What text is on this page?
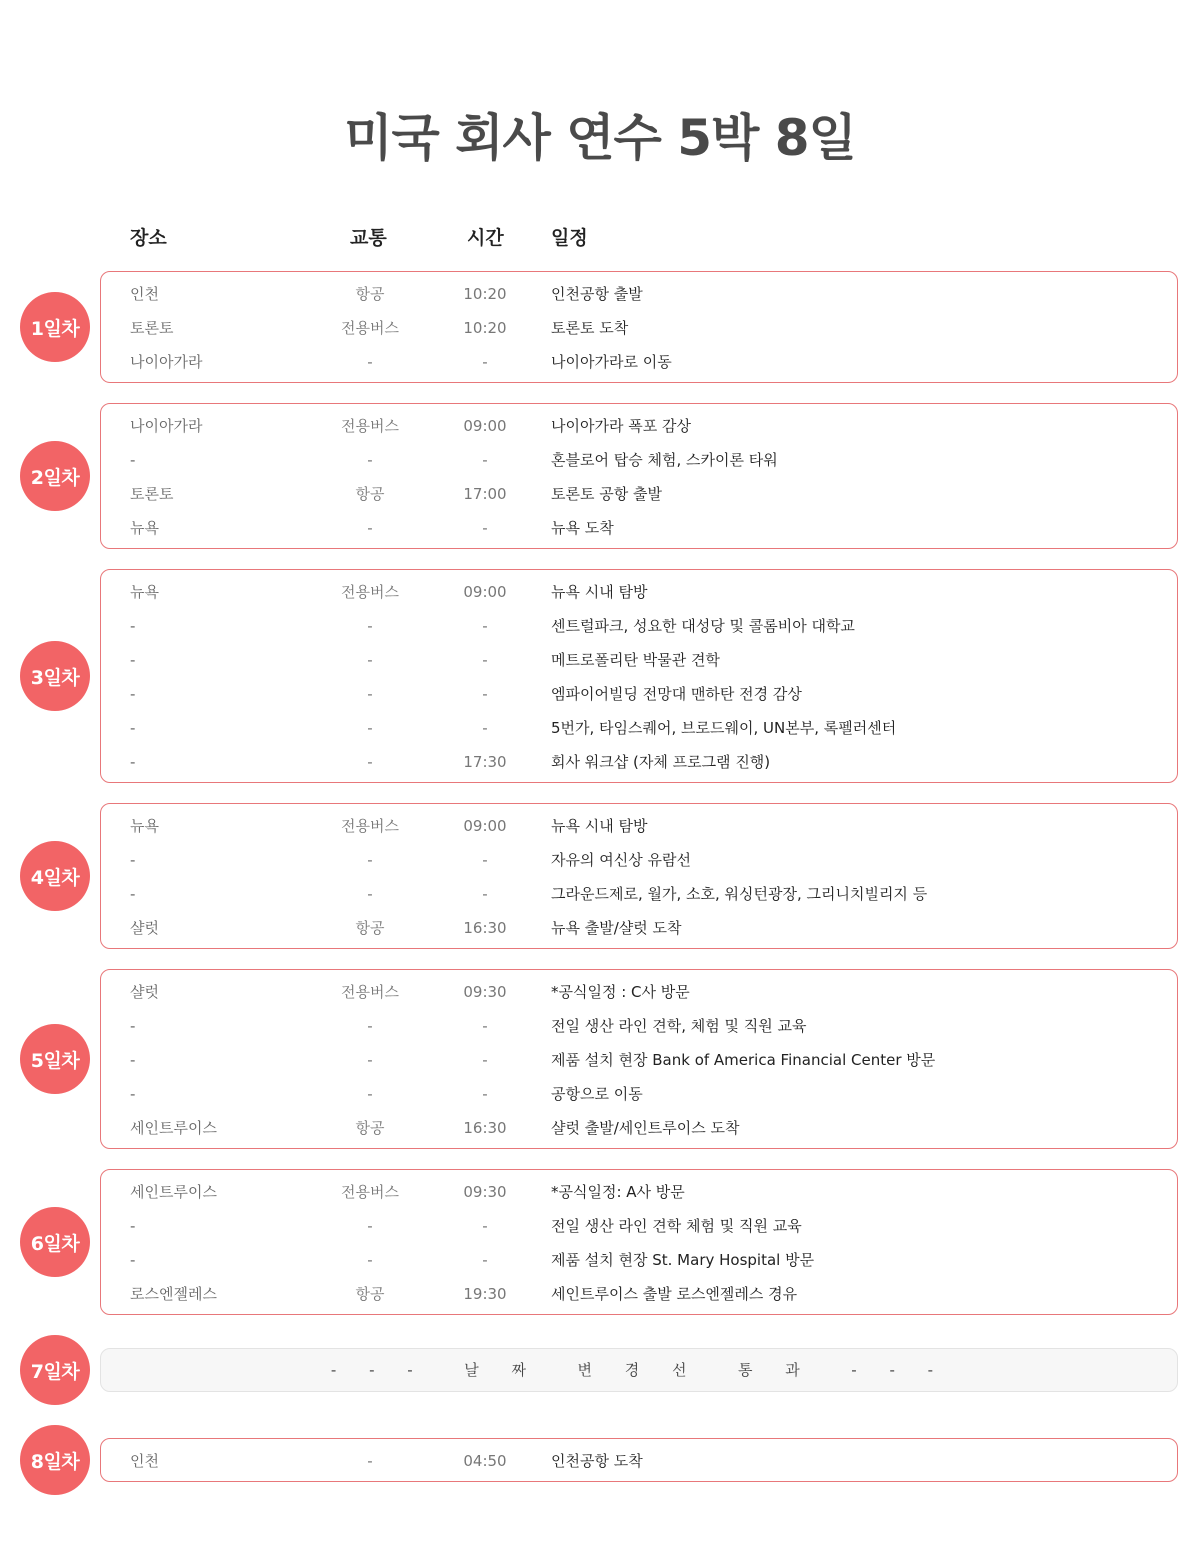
미국 회사 연수 5박 8일
장소	교통	시간 일정
1일차
인천	항공	10:20	인천공항 출발
토론토	전용버스	10:20	토론토 도착
나이아가라	-	-	나이아가라로 이동
2일차
나이아가라	전용버스	09:00	나이아가라 폭포 감상
-	-	-	혼블로어 탑승 체험, 스카이론 타워
토론토	항공	17:00	토론토 공항 출발
뉴욕	-	-	뉴욕 도착
3일차
뉴욕	전용버스	09:00	뉴욕 시내 탐방
-	-	-	센트럴파크, 성요한 대성당 및 콜롬비아 대학교
-	-	-	메트로폴리탄 박물관 견학
-	-	-	엠파이어빌딩 전망대 맨하탄 전경 감상
-	-	-	5번가, 타임스퀘어, 브로드웨이, UN본부, 록펠러센터
-	-	17:30	회사 워크샵 (자체 프로그램 진행)
4일차
뉴욕	전용버스	09:00	뉴욕 시내 탐방
-	-	-	자유의 여신상 유람선
-	-	-	그라운드제로, 월가, 소호, 워싱턴광장, 그리니치빌리지 등
샬럿	항공	16:30	뉴욕 출발/샬럿 도착
5일차
샬럿	전용버스	09:30	*공식일정 : C사 방문
-	-	-	전일 생산 라인 견학, 체험 및 직원 교육
-	-	-	제품 설치 현장 Bank of America Financial Center 방문
-	-	-	공항으로 이동
세인트루이스	항공	16:30	샬럿 출발/세인트루이스 도착
6일차
세인트루이스	전용버스	09:30	*공식일정: A사 방문
-	-	-	전일 생산 라인 견학 체험 및 직원 교육
-	-	-	제품 설치 현장 St. Mary Hospital 방문
로스엔젤레스	항공	19:30	세인트루이스 출발 로스엔젤레스 경유
7일차	- - -  날 짜  변 경 선  통 과  - - -
8일차	인천	-	04:50	인천공항 도착
